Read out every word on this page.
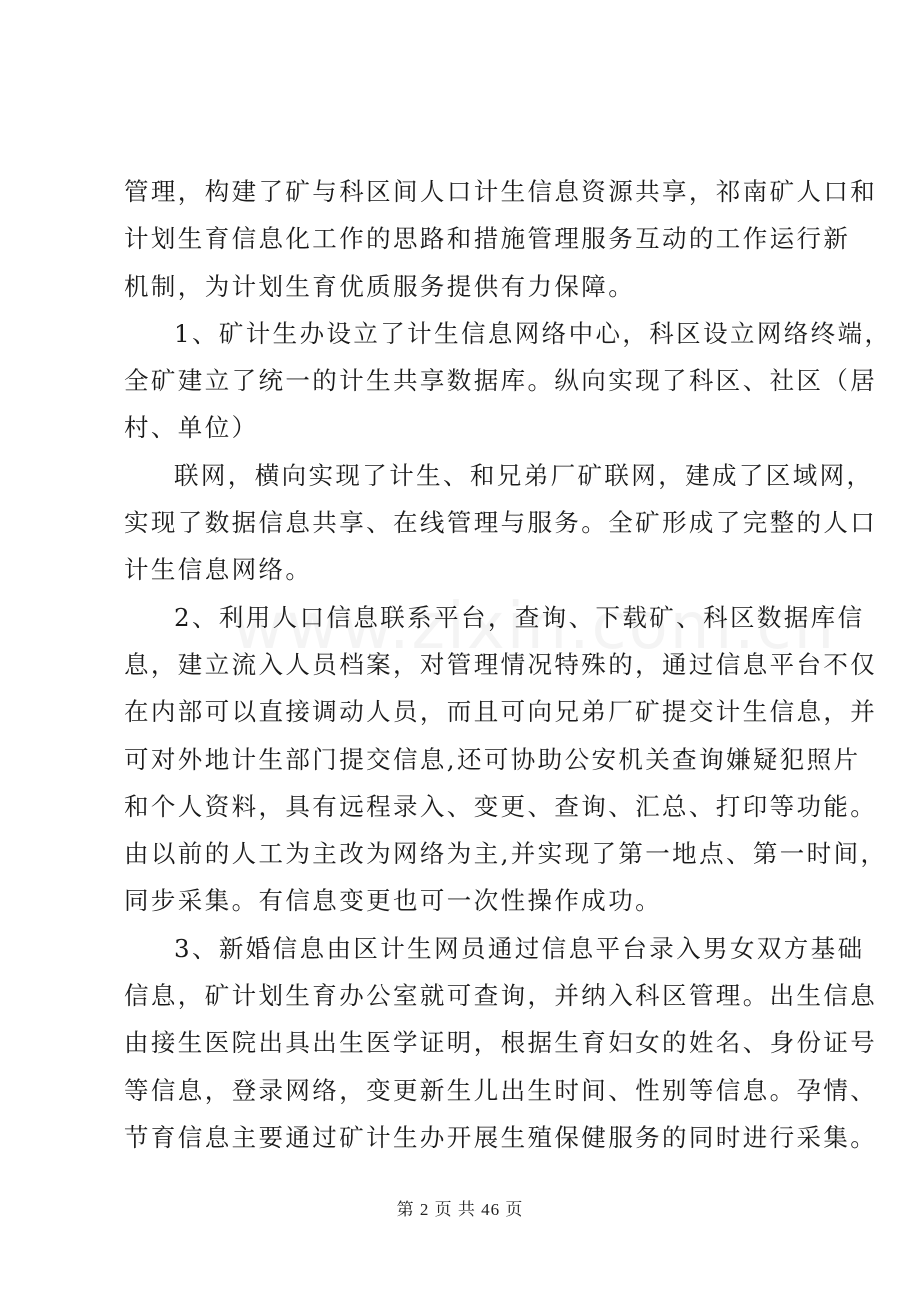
管理，构建了矿与科区间人口计生信息资源共享，祁南矿人口和
计划生育信息化工作的思路和措施管理服务互动的工作运行新
机制，为计划生育优质服务提供有力保障。
1、矿计生办设立了计生信息网络中心，科区设立网络终端，
全矿建立了统一的计生共享数据库。纵向实现了科区、社区（居
村、单位）
联网，横向实现了计生、和兄弟厂矿联网，建成了区域网，
实现了数据信息共享、在线管理与服务。全矿形成了完整的人口
计生信息网络。
2、利用人口信息联系平台，查询、下载矿、科区数据库信
息，建立流入人员档案，对管理情况特殊的，通过信息平台不仅
在内部可以直接调动人员，而且可向兄弟厂矿提交计生信息，并
可对外地计生部门提交信息,还可协助公安机关查询嫌疑犯照片
和个人资料，具有远程录入、变更、查询、汇总、打印等功能。
由以前的人工为主改为网络为主,并实现了第一地点、第一时间，
同步采集。有信息变更也可一次性操作成功。
3、新婚信息由区计生网员通过信息平台录入男女双方基础
信息，矿计划生育办公室就可查询，并纳入科区管理。出生信息
由接生医院出具出生医学证明，根据生育妇女的姓名、身份证号
等信息，登录网络，变更新生儿出生时间、性别等信息。孕情、
节育信息主要通过矿计生办开展生殖保健服务的同时进行采集。
第 2 页 共 46 页
